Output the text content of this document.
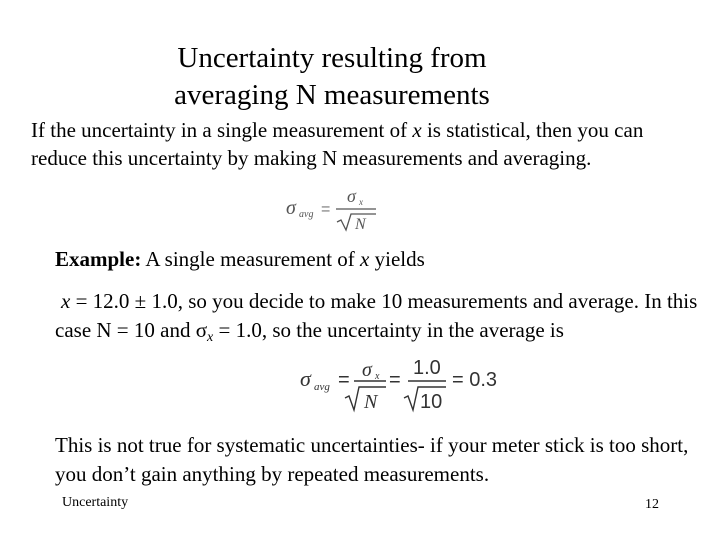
Uncertainty resulting from
averaging N measurements
If the uncertainty in a single measurement of x is statistical, then you can reduce this uncertainty by making N measurements and averaging.
σ avg =
σ x
N
Example: A single measurement of x yields
x = 12.0 ± 1.0, so you decide to make 10 measurements and average. In this case N = 10 and σx = 1.0, so the uncertainty in the average is
σ avg = σ x
N
=
1.0
10
= 0.3
This is not true for systematic uncertainties- if your meter stick is too short, you don’t gain anything by repeated measurements.
Uncertainty	12
